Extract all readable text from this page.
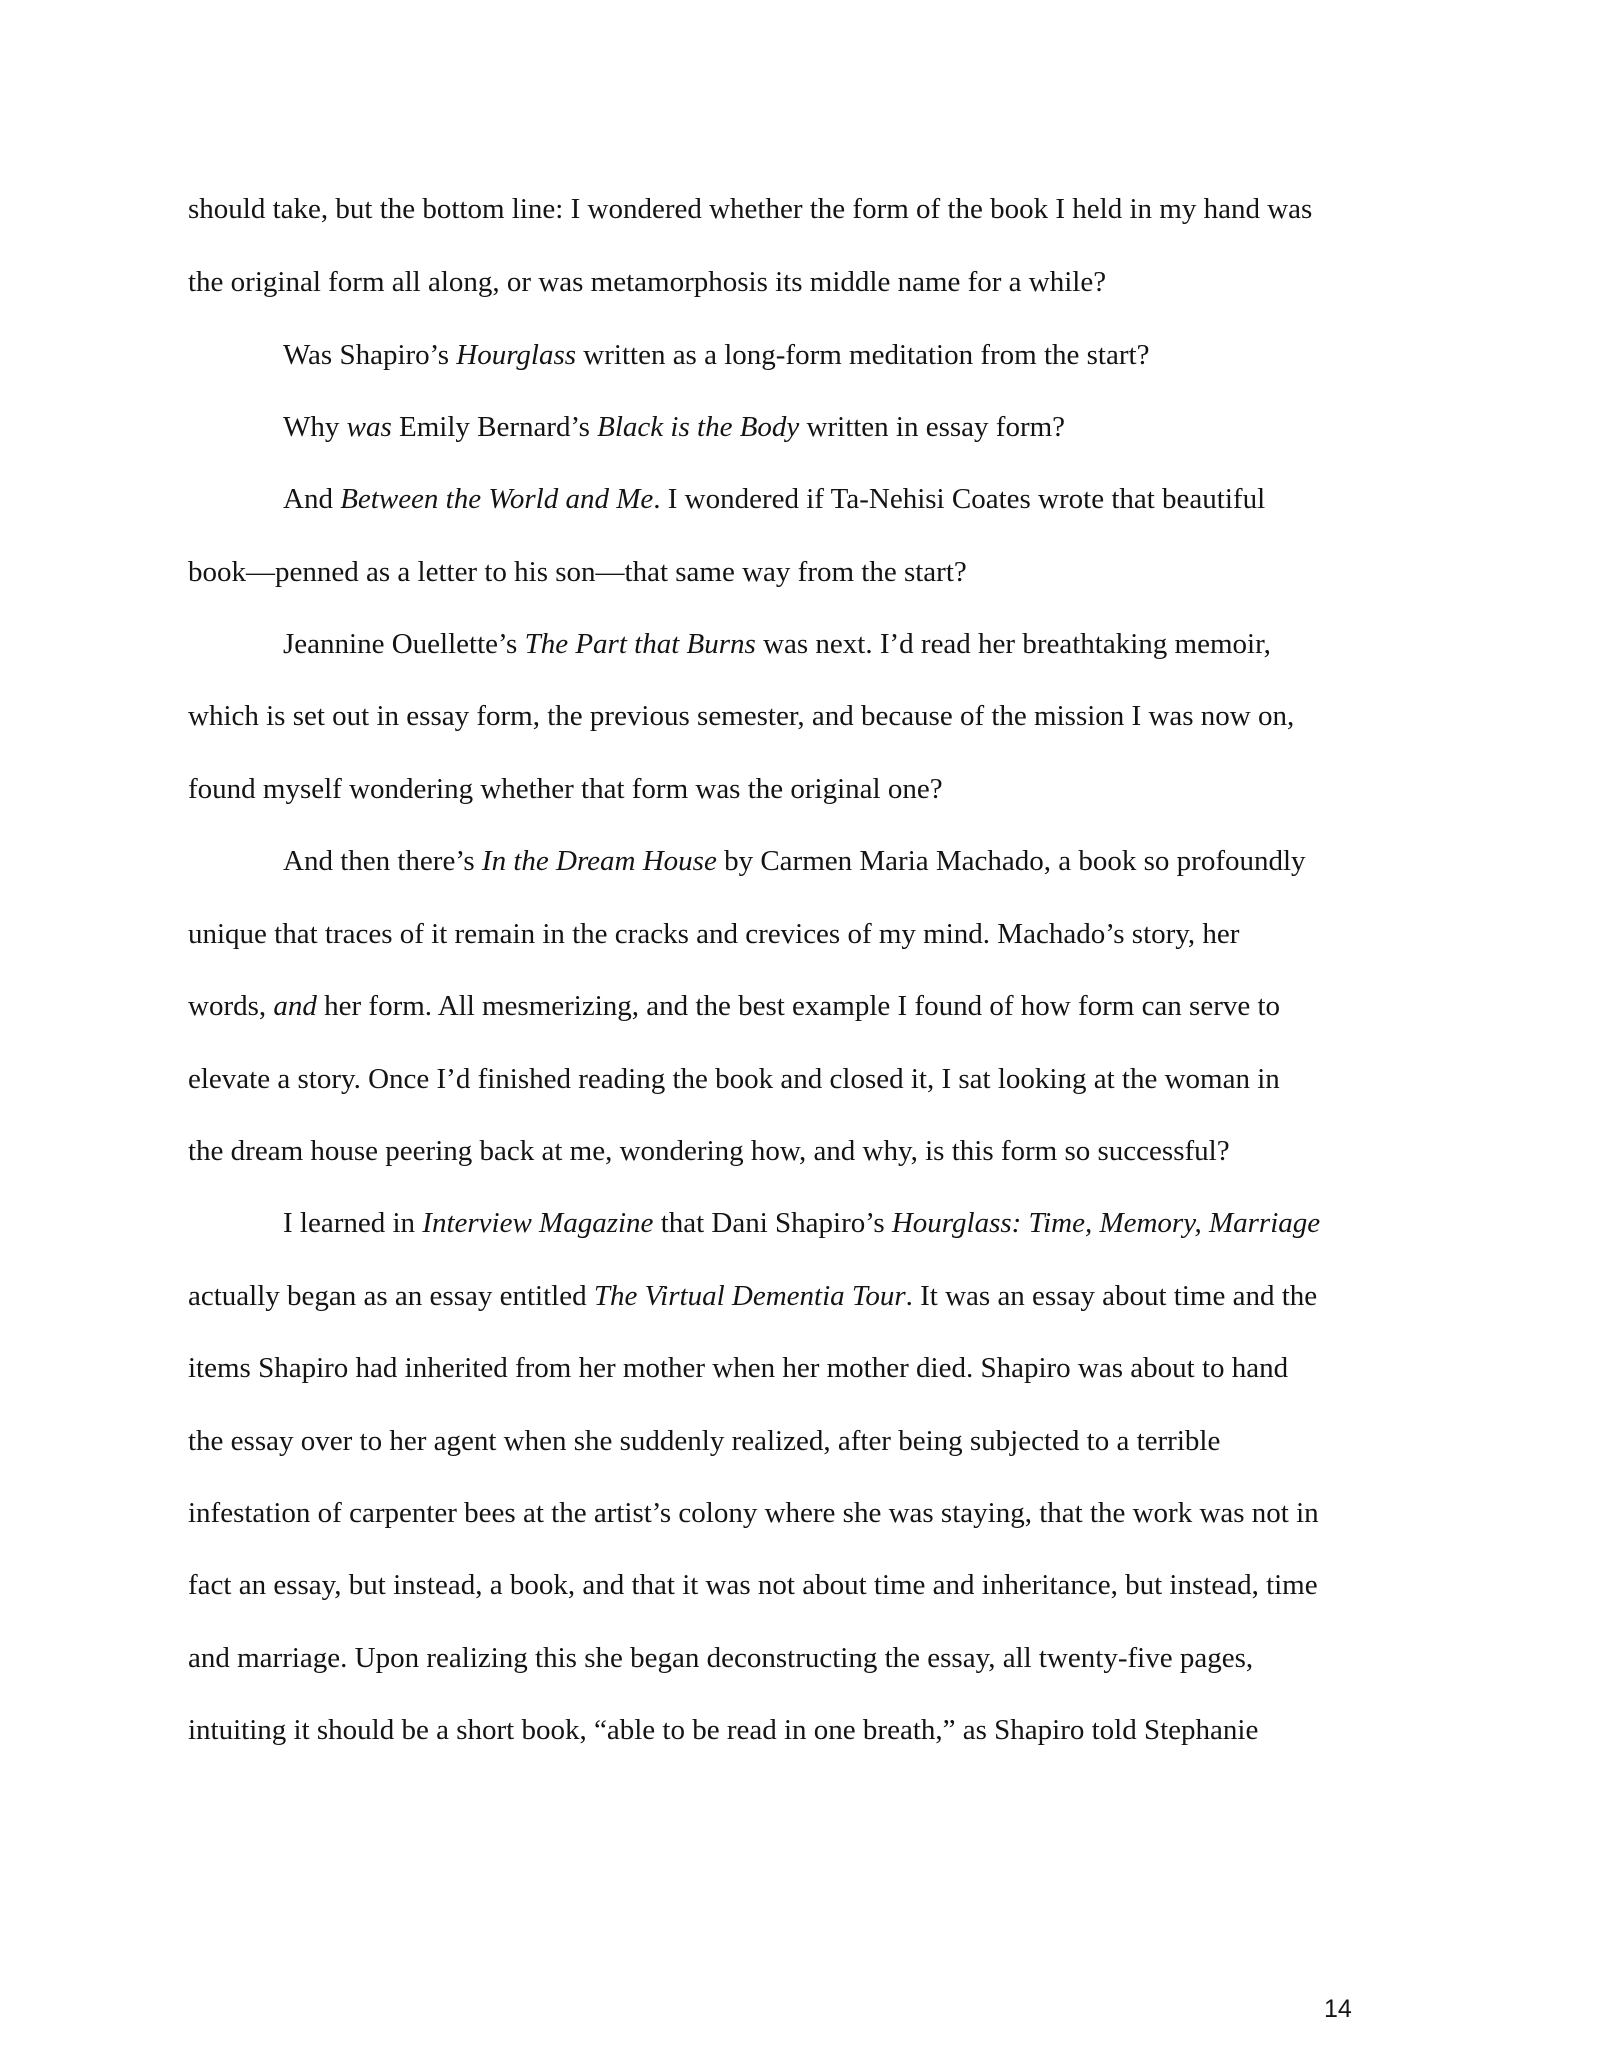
should take, but the bottom line: I wondered whether the form of the book I held in my hand was
the original form all along, or was metamorphosis its middle name for a while?
Was Shapiro’s Hourglass written as a long-form meditation from the start?
Why was Emily Bernard’s Black is the Body written in essay form?
And Between the World and Me. I wondered if Ta-Nehisi Coates wrote that beautiful
book—penned as a letter to his son—that same way from the start?
Jeannine Ouellette’s The Part that Burns was next. I’d read her breathtaking memoir,
which is set out in essay form, the previous semester, and because of the mission I was now on,
found myself wondering whether that form was the original one?
And then there’s In the Dream House by Carmen Maria Machado, a book so profoundly
unique that traces of it remain in the cracks and crevices of my mind. Machado’s story, her
words, and her form. All mesmerizing, and the best example I found of how form can serve to
elevate a story. Once I’d finished reading the book and closed it, I sat looking at the woman in
the dream house peering back at me, wondering how, and why, is this form so successful?
I learned in Interview Magazine that Dani Shapiro’s Hourglass: Time, Memory, Marriage
actually began as an essay entitled The Virtual Dementia Tour. It was an essay about time and the
items Shapiro had inherited from her mother when her mother died. Shapiro was about to hand
the essay over to her agent when she suddenly realized, after being subjected to a terrible
infestation of carpenter bees at the artist’s colony where she was staying, that the work was not in
fact an essay, but instead, a book, and that it was not about time and inheritance, but instead, time
and marriage. Upon realizing this she began deconstructing the essay, all twenty-five pages,
intuiting it should be a short book, “able to be read in one breath,” as Shapiro told Stephanie
14
